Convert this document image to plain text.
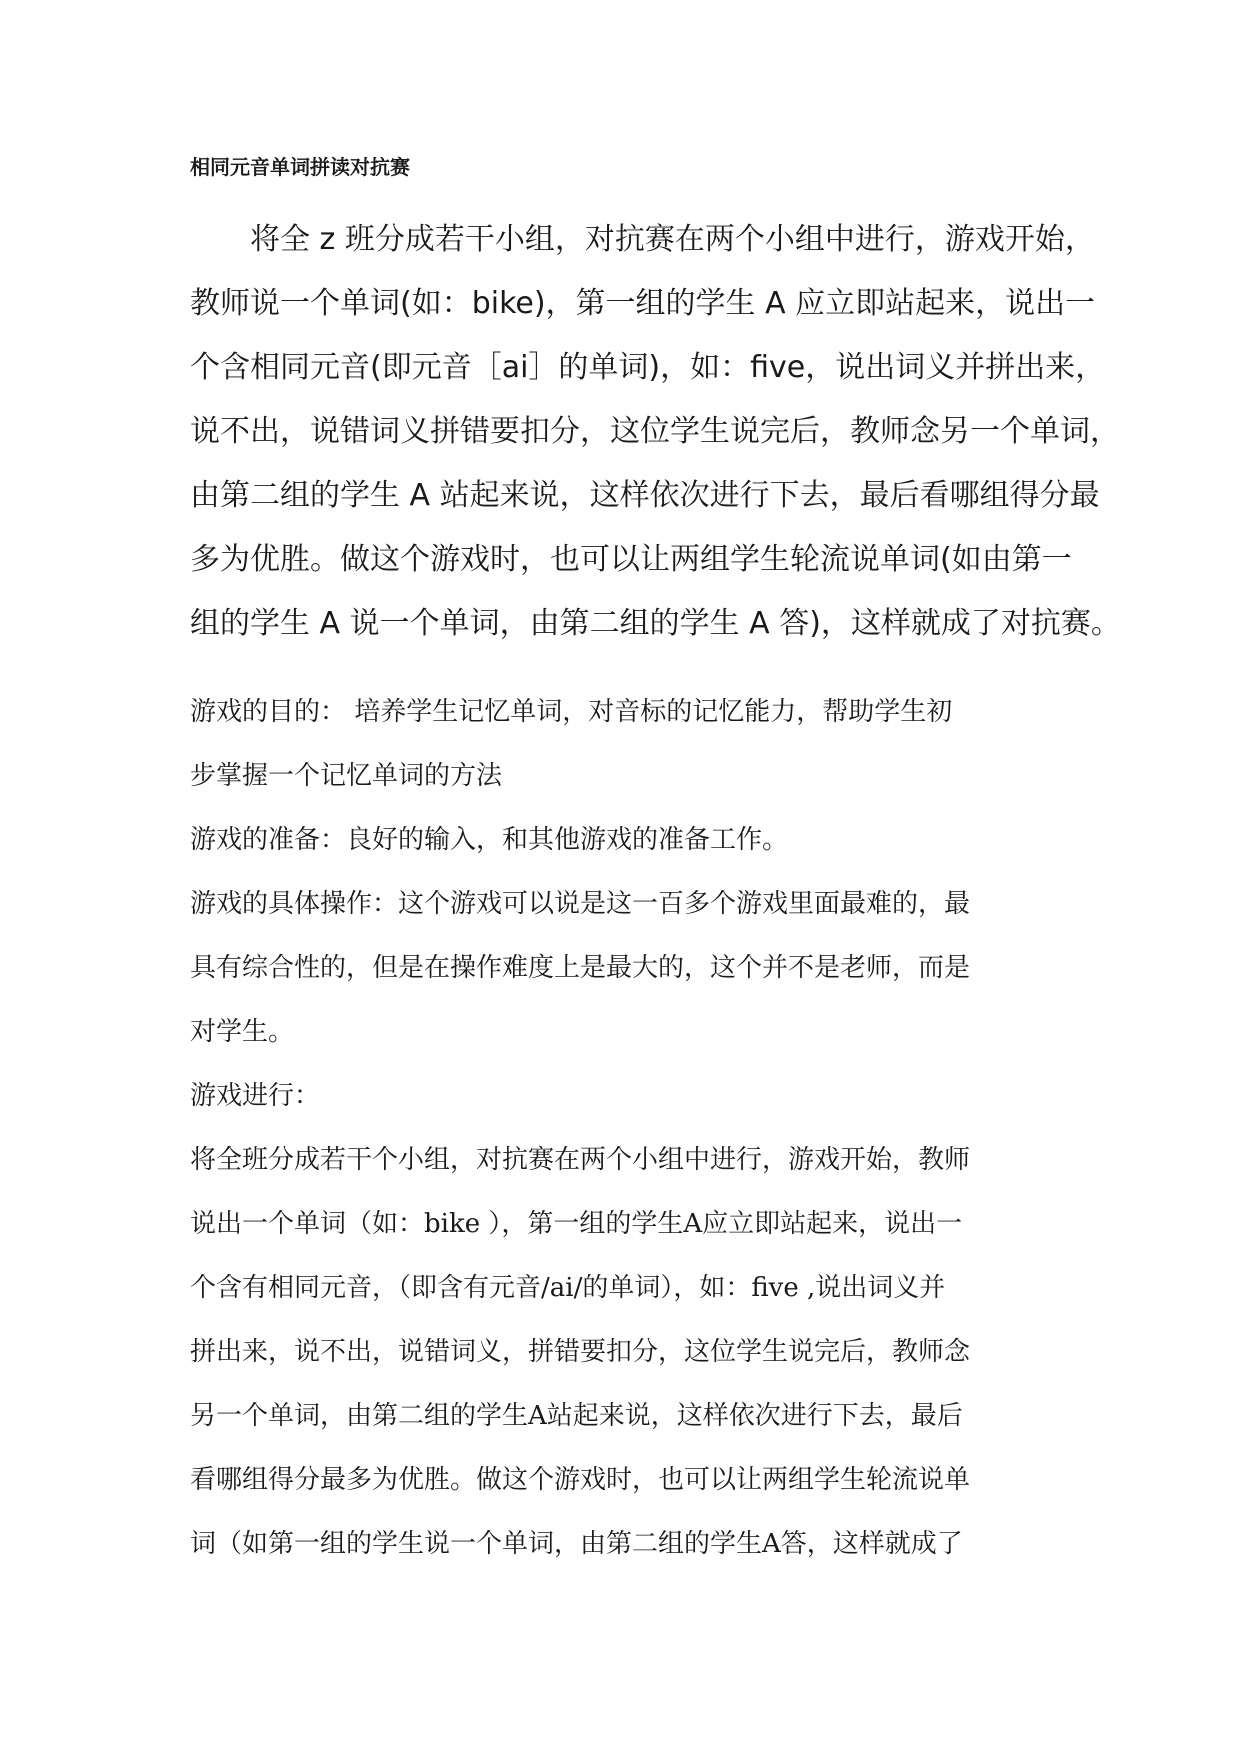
相同元音单词拼读对抗赛
　　将全 z 班分成若干小组，对抗赛在两个小组中进行，游戏开始，
教师说一个单词(如：bike)，第一组的学生 A 应立即站起来，说出一
个含相同元音(即元音［ai］的单词)，如：five，说出词义并拼出来，
说不出，说错词义拼错要扣分，这位学生说完后，教师念另一个单词，
由第二组的学生 A 站起来说，这样依次进行下去，最后看哪组得分最
多为优胜。做这个游戏时，也可以让两组学生轮流说单词(如由第一
组的学生 A 说一个单词，由第二组的学生 A 答)，这样就成了对抗赛。
游戏的目的： 培养学生记忆单词，对音标的记忆能力，帮助学生初
步掌握一个记忆单词的方法
游戏的准备：良好的输入，和其他游戏的准备工作。
游戏的具体操作：这个游戏可以说是这一百多个游戏里面最难的，最
具有综合性的，但是在操作难度上是最大的，这个并不是老师，而是
对学生。
游戏进行：
将全班分成若干个小组，对抗赛在两个小组中进行，游戏开始，教师
说出一个单词（如：bike ），第一组的学生A应立即站起来，说出一
个含有相同元音，（即含有元音/ai/的单词），如：five ,说出词义并
拼出来，说不出，说错词义，拼错要扣分，这位学生说完后，教师念
另一个单词，由第二组的学生A站起来说，这样依次进行下去，最后
看哪组得分最多为优胜。做这个游戏时，也可以让两组学生轮流说单
词（如第一组的学生说一个单词，由第二组的学生A答，这样就成了
